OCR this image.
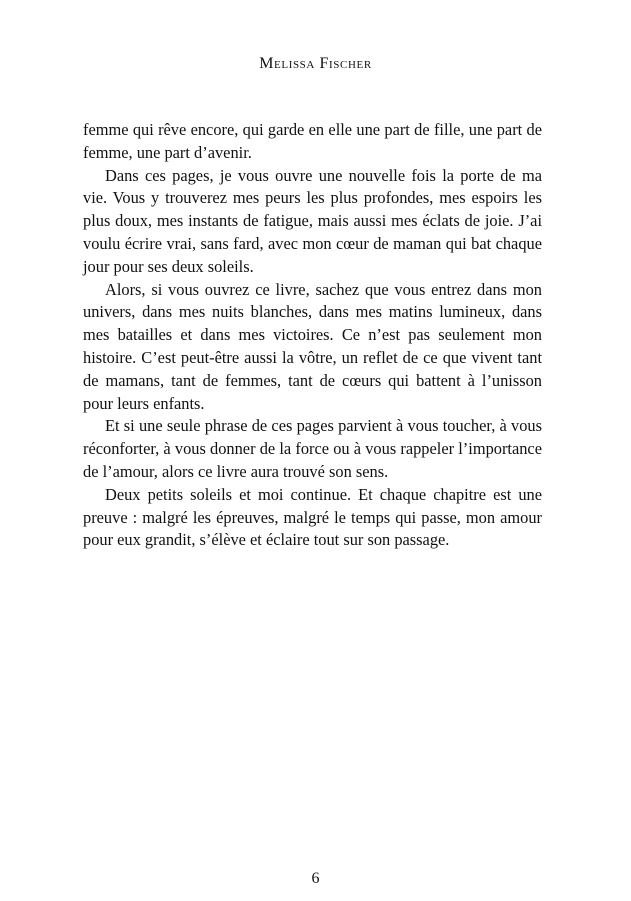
Melissa Fischer

femme qui rêve encore, qui garde en elle une part de fille, une part de femme, une part d’avenir.

Dans ces pages, je vous ouvre une nouvelle fois la porte de ma vie. Vous y trouverez mes peurs les plus profondes, mes espoirs les plus doux, mes instants de fatigue, mais aussi mes éclats de joie. J’ai voulu écrire vrai, sans fard, avec mon cœur de maman qui bat chaque jour pour ses deux soleils.

Alors, si vous ouvrez ce livre, sachez que vous entrez dans mon univers, dans mes nuits blanches, dans mes matins lumineux, dans mes batailles et dans mes victoires. Ce n’est pas seulement mon histoire. C’est peut-être aussi la vôtre, un reflet de ce que vivent tant de mamans, tant de femmes, tant de cœurs qui battent à l’unisson pour leurs enfants.

Et si une seule phrase de ces pages parvient à vous toucher, à vous réconforter, à vous donner de la force ou à vous rappeler l’importance de l’amour, alors ce livre aura trouvé son sens.

Deux petits soleils et moi continue. Et chaque chapitre est une preuve : malgré les épreuves, malgré le temps qui passe, mon amour pour eux grandit, s’élève et éclaire tout sur son passage.

6
